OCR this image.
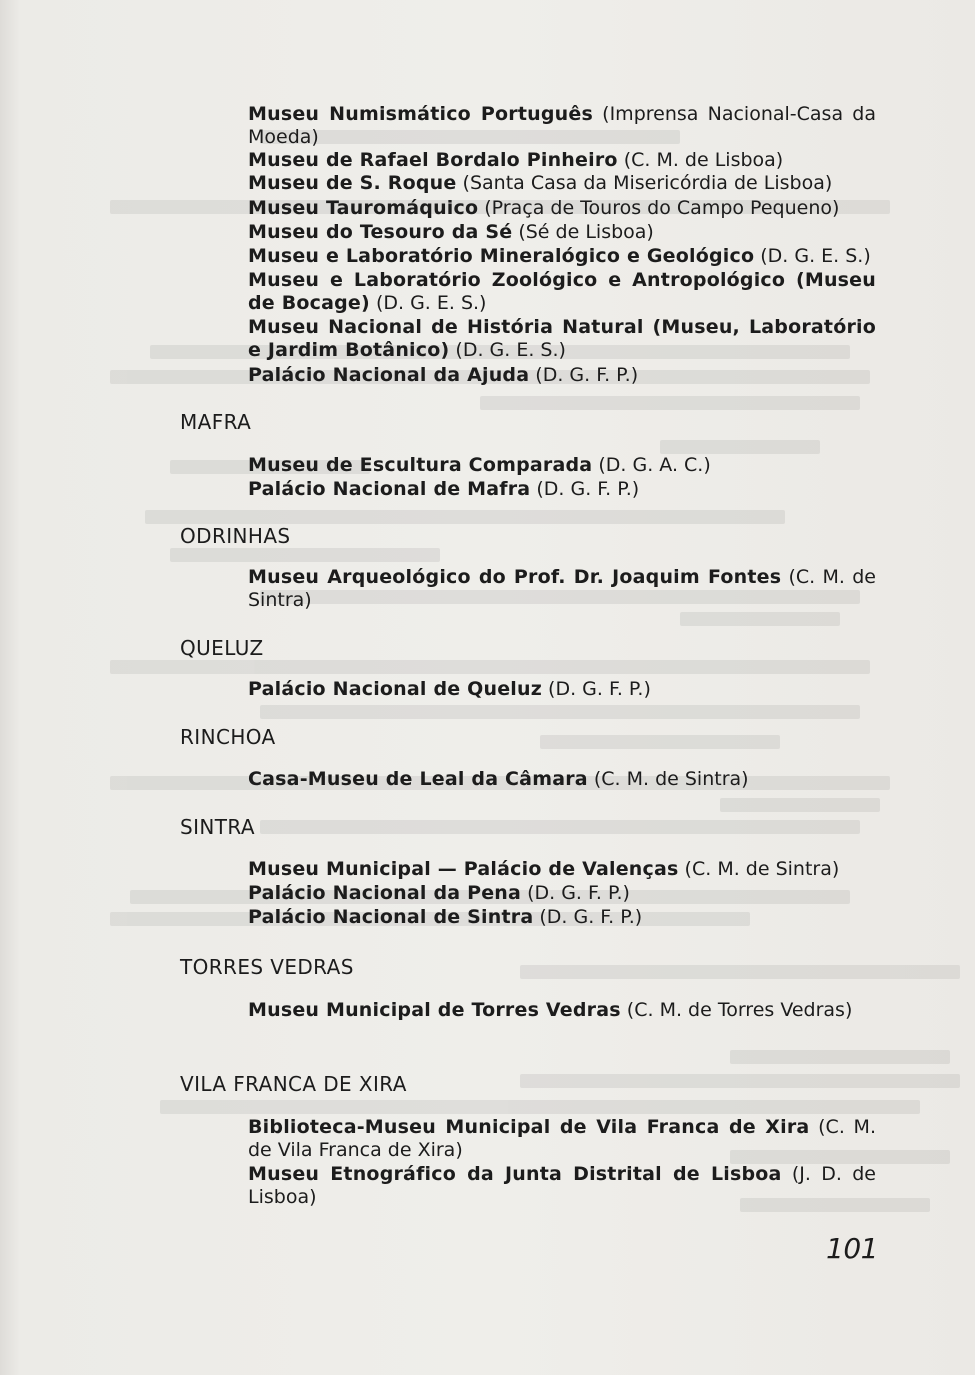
Museu Numismático Português (Imprensa Nacional-Casa da Moeda)
Museu de Rafael Bordalo Pinheiro (C. M. de Lisboa)
Museu de S. Roque (Santa Casa da Misericórdia de Lisboa)
Museu Tauromáquico (Praça de Touros do Campo Pequeno)
Museu do Tesouro da Sé (Sé de Lisboa)
Museu e Laboratório Mineralógico e Geológico (D. G. E. S.)
Museu e Laboratório Zoológico e Antropológico (Museu de Bocage) (D. G. E. S.)
Museu Nacional de História Natural (Museu, Laboratório e Jardim Botânico) (D. G. E. S.)
Palácio Nacional da Ajuda (D. G. F. P.)
MAFRA
Museu de Escultura Comparada (D. G. A. C.)
Palácio Nacional de Mafra (D. G. F. P.)
ODRINHAS
Museu Arqueológico do Prof. Dr. Joaquim Fontes (C. M. de Sintra)
QUELUZ
Palácio Nacional de Queluz (D. G. F. P.)
RINCHOA
Casa-Museu de Leal da Câmara (C. M. de Sintra)
SINTRA
Museu Municipal — Palácio de Valenças (C. M. de Sintra)
Palácio Nacional da Pena (D. G. F. P.)
Palácio Nacional de Sintra (D. G. F. P.)
TORRES VEDRAS
Museu Municipal de Torres Vedras (C. M. de Torres Vedras)
VILA FRANCA DE XIRA
Biblioteca-Museu Municipal de Vila Franca de Xira (C. M. de Vila Franca de Xira)
Museu Etnográfico da Junta Distrital de Lisboa (J. D. de Lisboa)
101
